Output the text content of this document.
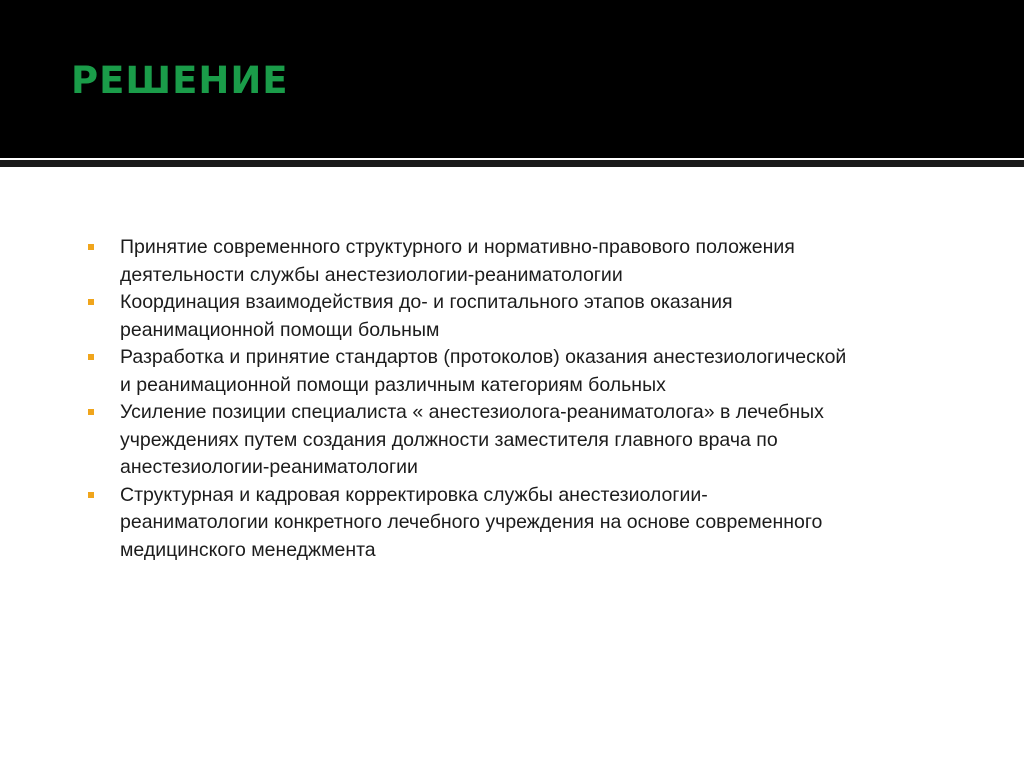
РЕШЕНИЕ
Принятие современного структурного и нормативно-правового положения деятельности службы анестезиологии-реаниматологии
Координация взаимодействия до- и госпитального этапов оказания реанимационной помощи больным
Разработка и принятие стандартов (протоколов) оказания анестезиологической и реанимационной помощи различным категориям больных
Усиление позиции специалиста « анестезиолога-реаниматолога» в лечебных учреждениях путем создания должности заместителя главного врача по анестезиологии-реаниматологии
Структурная и кадровая корректировка службы анестезиологии-реаниматологии конкретного лечебного учреждения на основе современного медицинского менеджмента
